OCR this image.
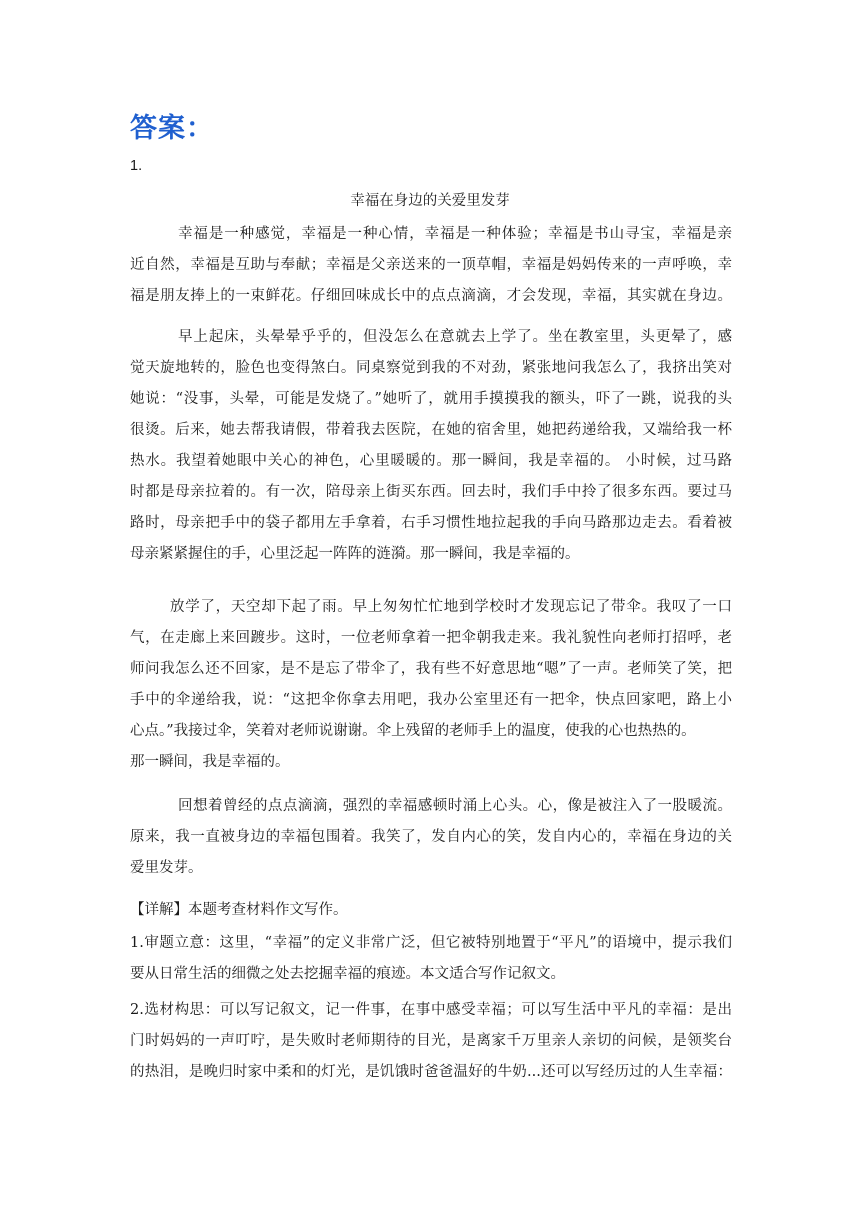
答案：
1.
幸福在身边的关爱里发芽
幸福是一种感觉，幸福是一种心情，幸福是一种体验；幸福是书山寻宝，幸福是亲
近自然，幸福是互助与奉献；幸福是父亲送来的一顶草帽，幸福是妈妈传来的一声呼唤，幸
福是朋友捧上的一束鲜花。仔细回味成长中的点点滴滴，才会发现，幸福，其实就在身边。
早上起床，头晕晕乎乎的，但没怎么在意就去上学了。坐在教室里，头更晕了，感
觉天旋地转的，脸色也变得煞白。同桌察觉到我的不对劲，紧张地问我怎么了，我挤出笑对
她说：“没事，头晕，可能是发烧了。”她听了，就用手摸摸我的额头，吓了一跳，说我的头
很烫。后来，她去帮我请假，带着我去医院，在她的宿舍里，她把药递给我，又端给我一杯
热水。我望着她眼中关心的神色，心里暖暖的。那一瞬间，我是幸福的。 小时候，过马路
时都是母亲拉着的。有一次，陪母亲上街买东西。回去时，我们手中拎了很多东西。要过马
路时，母亲把手中的袋子都用左手拿着，右手习惯性地拉起我的手向马路那边走去。看着被
母亲紧紧握住的手，心里泛起一阵阵的涟漪。那一瞬间，我是幸福的。
放学了，天空却下起了雨。早上匆匆忙忙地到学校时才发现忘记了带伞。我叹了一口
气，在走廊上来回踱步。这时，一位老师拿着一把伞朝我走来。我礼貌性向老师打招呼，老
师问我怎么还不回家，是不是忘了带伞了，我有些不好意思地“嗯”了一声。老师笑了笑，把
手中的伞递给我，说：“这把伞你拿去用吧，我办公室里还有一把伞，快点回家吧，路上小
心点。”我接过伞，笑着对老师说谢谢。伞上残留的老师手上的温度，使我的心也热热的。
那一瞬间，我是幸福的。
回想着曾经的点点滴滴，强烈的幸福感顿时涌上心头。心，像是被注入了一股暖流。
原来，我一直被身边的幸福包围着。我笑了，发自内心的笑，发自内心的，幸福在身边的关
爱里发芽。
【详解】本题考查材料作文写作。
1.审题立意：这里，“幸福”的定义非常广泛，但它被特别地置于“平凡”的语境中，提示我们
要从日常生活的细微之处去挖掘幸福的痕迹。本文适合写作记叙文。
2.选材构思：可以写记叙文，记一件事，在事中感受幸福；可以写生活中平凡的幸福：是出
门时妈妈的一声叮咛，是失败时老师期待的目光，是离家千万里亲人亲切的问候，是领奖台
的热泪，是晚归时家中柔和的灯光，是饥饿时爸爸温好的牛奶...还可以写经历过的人生幸福：
